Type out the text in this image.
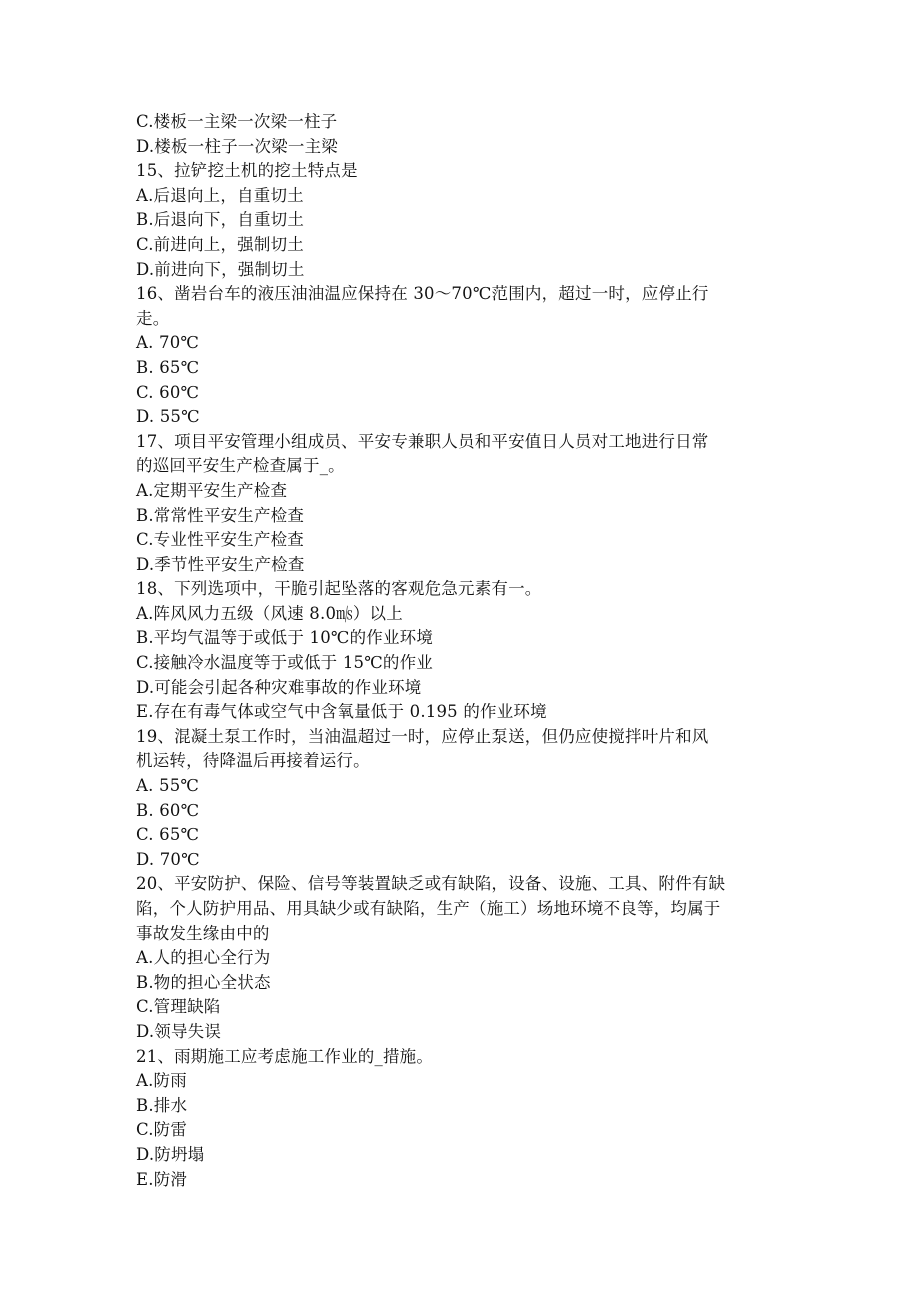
C.楼板一主梁一次梁一柱子
D.楼板一柱子一次梁一主梁
15、拉铲挖土机的挖土特点是
A.后退向上，自重切土
B.后退向下，自重切土
C.前进向上，强制切土
D.前进向下，强制切土
16、凿岩台车的液压油油温应保持在 30～70℃范围内，超过一时，应停止行
走。
A. 70℃
B. 65℃
C. 60℃
D. 55℃
17、项目平安管理小组成员、平安专兼职人员和平安值日人员对工地进行日常
的巡回平安生产检查属于_。
A.定期平安生产检查
B.常常性平安生产检查
C.专业性平安生产检查
D.季节性平安生产检查
18、下列选项中，干脆引起坠落的客观危急元素有一。
A.阵风风力五级（风速 8.0㎧）以上
B.平均气温等于或低于 10℃的作业环境
C.接触冷水温度等于或低于 15℃的作业
D.可能会引起各种灾难事故的作业环境
E.存在有毒气体或空气中含氧量低于 0.195 的作业环境
19、混凝土泵工作时，当油温超过一时，应停止泵送，但仍应使搅拌叶片和风
机运转，待降温后再接着运行。
A. 55℃
B. 60℃
C. 65℃
D. 70℃
20、平安防护、保险、信号等装置缺乏或有缺陷，设备、设施、工具、附件有缺
陷，个人防护用品、用具缺少或有缺陷，生产（施工）场地环境不良等，均属于
事故发生缘由中的
A.人的担心全行为
B.物的担心全状态
C.管理缺陷
D.领导失误
21、雨期施工应考虑施工作业的_措施。
A.防雨
B.排水
C.防雷
D.防坍塌
E.防滑
